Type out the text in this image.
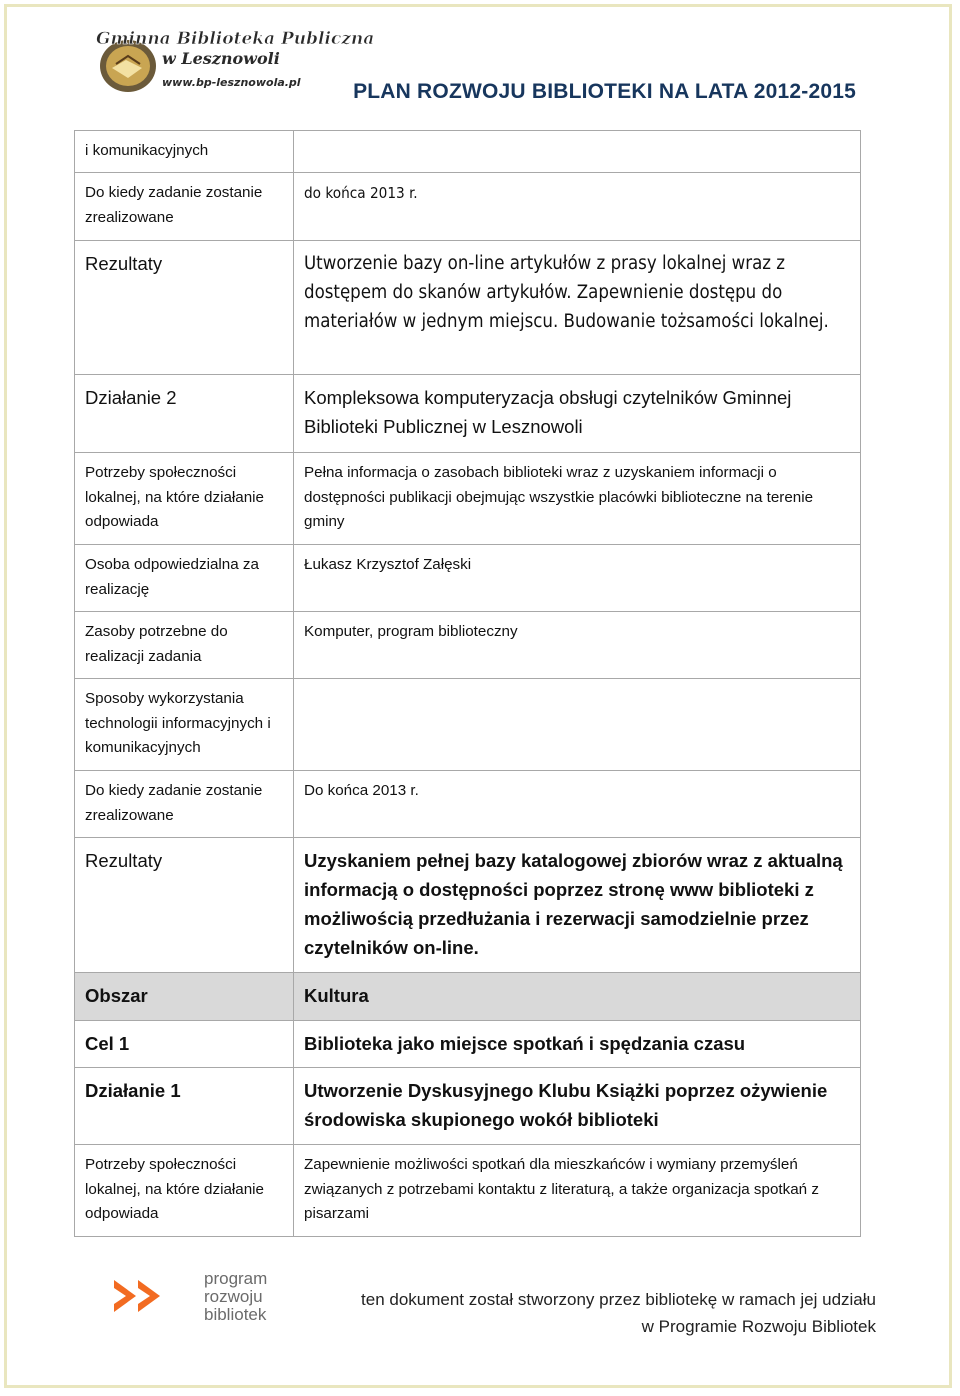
Gminna Biblioteka Publiczna
w Lesznowoli
www.bp-lesznowola.pl PLAN ROZWOJU BIBLIOTEKI NA LATA 2012-2015
i komunikacyjnych	
Do kiedy zadanie zostanie zrealizowane	do końca 2013 r.
Rezultaty	Utworzenie bazy on-line artykułów z prasy lokalnej wraz z dostępem do skanów artykułów. Zapewnienie dostępu do materiałów w jednym miejscu. Budowanie tożsamości lokalnej.
Działanie 2	Kompleksowa komputeryzacja obsługi czytelników Gminnej Biblioteki Publicznej w Lesznowoli
Potrzeby społeczności lokalnej, na które działanie odpowiada	Pełna informacja o zasobach biblioteki wraz z uzyskaniem informacji o dostępności publikacji obejmując wszystkie placówki biblioteczne na terenie gminy
Osoba odpowiedzialna za realizację	Łukasz Krzysztof Załęski
Zasoby potrzebne do realizacji zadania	Komputer, program biblioteczny
Sposoby wykorzystania technologii informacyjnych i komunikacyjnych	
Do kiedy zadanie zostanie zrealizowane	Do końca 2013 r.
Rezultaty	Uzyskaniem pełnej bazy katalogowej zbiorów wraz z aktualną informacją o dostępności poprzez stronę www biblioteki z możliwością przedłużania i rezerwacji samodzielnie przez czytelników on-line.
Obszar	Kultura
Cel 1	Biblioteka jako miejsce spotkań i spędzania czasu
Działanie 1	Utworzenie Dyskusyjnego Klubu Książki poprzez ożywienie środowiska skupionego wokół biblioteki
Potrzeby społeczności lokalnej, na które działanie odpowiada	Zapewnienie możliwości spotkań dla mieszkańców i wymiany przemyśleń związanych z potrzebami kontaktu z literaturą, a także organizacja spotkań z pisarzami
program
rozwoju
bibliotek
ten dokument został stworzony przez bibliotekę w ramach jej udziału
w Programie Rozwoju Bibliotek
